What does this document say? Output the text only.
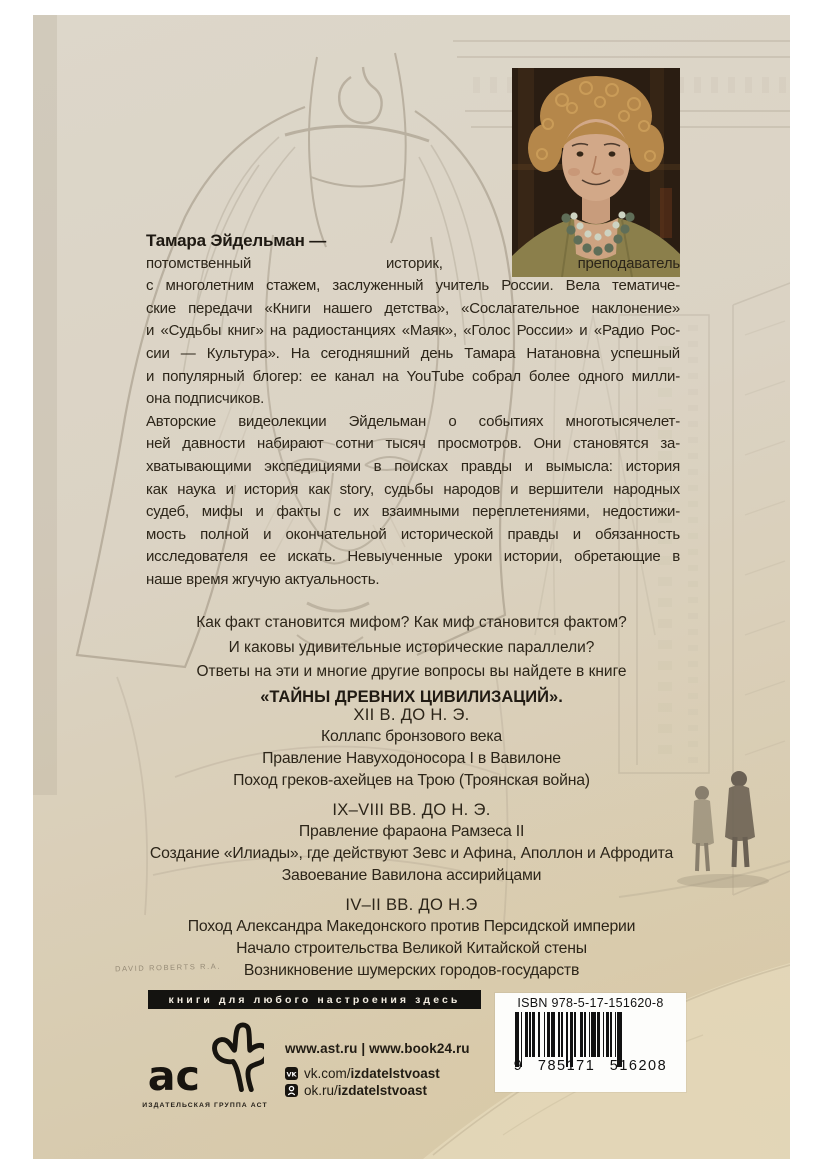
DAVID ROBERTS R.A.
Тамара Эйдельман —
потомственный историк, преподаватель
с многолетним стажем, заслуженный учитель России. Вела тематиче-
ские передачи «Книги нашего детства», «Сослагательное наклонение»
и «Судьбы книг» на радиостанциях «Маяк», «Голос России» и «Радио Рос-
сии — Культура». На сегодняшний день Тамара Натановна успешный
и популярный блогер: ее канал на YouTube собрал более одного милли-
она подписчиков.
Авторские видеолекции Эйдельман о событиях многотысячелет-
ней давности набирают сотни тысяч просмотров. Они становятся за-
хватывающими экспедициями в поисках правды и вымысла: история
как наука и история как story, судьбы народов и вершители народных
судеб, мифы и факты с их взаимными переплетениями, недостижи-
мость полной и окончательной исторической правды и обязанность
исследователя ее искать. Невыученные уроки истории, обретающие в
наше время жгучую актуальность.
Как факт становится мифом? Как миф становится фактом?
И каковы удивительные исторические параллели?
Ответы на эти и многие другие вопросы вы найдете в книге
«ТАЙНЫ ДРЕВНИХ ЦИВИЛИЗАЦИЙ».
XII В. ДО Н. Э.
Коллапс бронзового века
Правление Навуходоносора I в Вавилоне
Поход греков-ахейцев на Трою (Троянская война)
IX–VIII ВВ. ДО Н. Э.
Правление фараона Рамзеса II
Создание «Илиады», где действуют Зевс и Афина, Аполлон и Афродита
Завоевание Вавилона ассирийцами
IV–II ВВ. ДО Н.Э
Поход Александра Македонского против Персидской империи
Начало строительства Великой Китайской стены
Возникновение шумерских городов-государств
книги для любого настроения здесь
ас
ИЗДАТЕЛЬСКАЯ ГРУППА АСТ
www.ast.ru | www.book24.ru
VK vk.com/izdatelstvoast
ok.ru/izdatelstvoast
ISBN 978-5-17-151620-8
9 785171 516208
